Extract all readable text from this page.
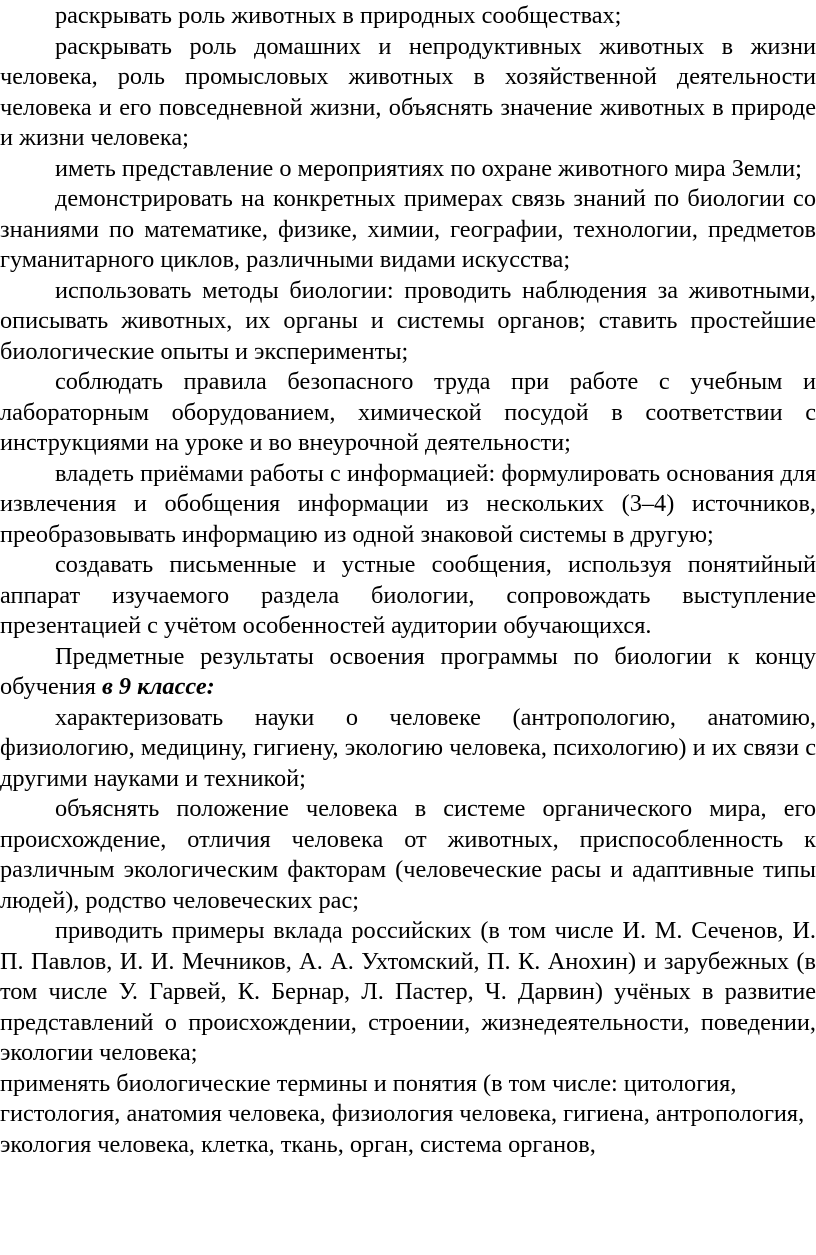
раскрывать роль животных в природных сообществах;

раскрывать роль домашних и непродуктивных животных в жизни человека, роль промысловых животных в хозяйственной деятельности человека и его повседневной жизни, объяснять значение животных в природе и жизни человека;

иметь представление о мероприятиях по охране животного мира Земли;

демонстрировать на конкретных примерах связь знаний по биологии со знаниями по математике, физике, химии, географии, технологии, предметов гуманитарного циклов, различными видами искусства;

использовать методы биологии: проводить наблюдения за животными, описывать животных, их органы и системы органов; ставить простейшие биологические опыты и эксперименты;

соблюдать правила безопасного труда при работе с учебным и лабораторным оборудованием, химической посудой в соответствии с инструкциями на уроке и во внеурочной деятельности;

владеть приёмами работы с информацией: формулировать основания для извлечения и обобщения информации из нескольких (3–4) источников, преобразовывать информацию из одной знаковой системы в другую;

создавать письменные и устные сообщения, используя понятийный аппарат изучаемого раздела биологии, сопровождать выступление презентацией с учётом особенностей аудитории обучающихся.

Предметные результаты освоения программы по биологии к концу обучения в 9 классе:

характеризовать науки о человеке (антропологию, анатомию, физиологию, медицину, гигиену, экологию человека, психологию) и их связи с другими науками и техникой;

объяснять положение человека в системе органического мира, его происхождение, отличия человека от животных, приспособленность к различным экологическим факторам (человеческие расы и адаптивные типы людей), родство человеческих рас;

приводить примеры вклада российских (в том числе И. М. Сеченов, И. П. Павлов, И. И. Мечников, А. А. Ухтомский, П. К. Анохин) и зарубежных (в том числе У. Гарвей, К. Бернар, Л. Пастер, Ч. Дарвин) учёных в развитие представлений о происхождении, строении, жизнедеятельности, поведении, экологии человека;

применять биологические термины и понятия (в том числе: цитология, гистология, анатомия человека, физиология человека, гигиена, антропология, экология человека, клетка, ткань, орган, система органов,
